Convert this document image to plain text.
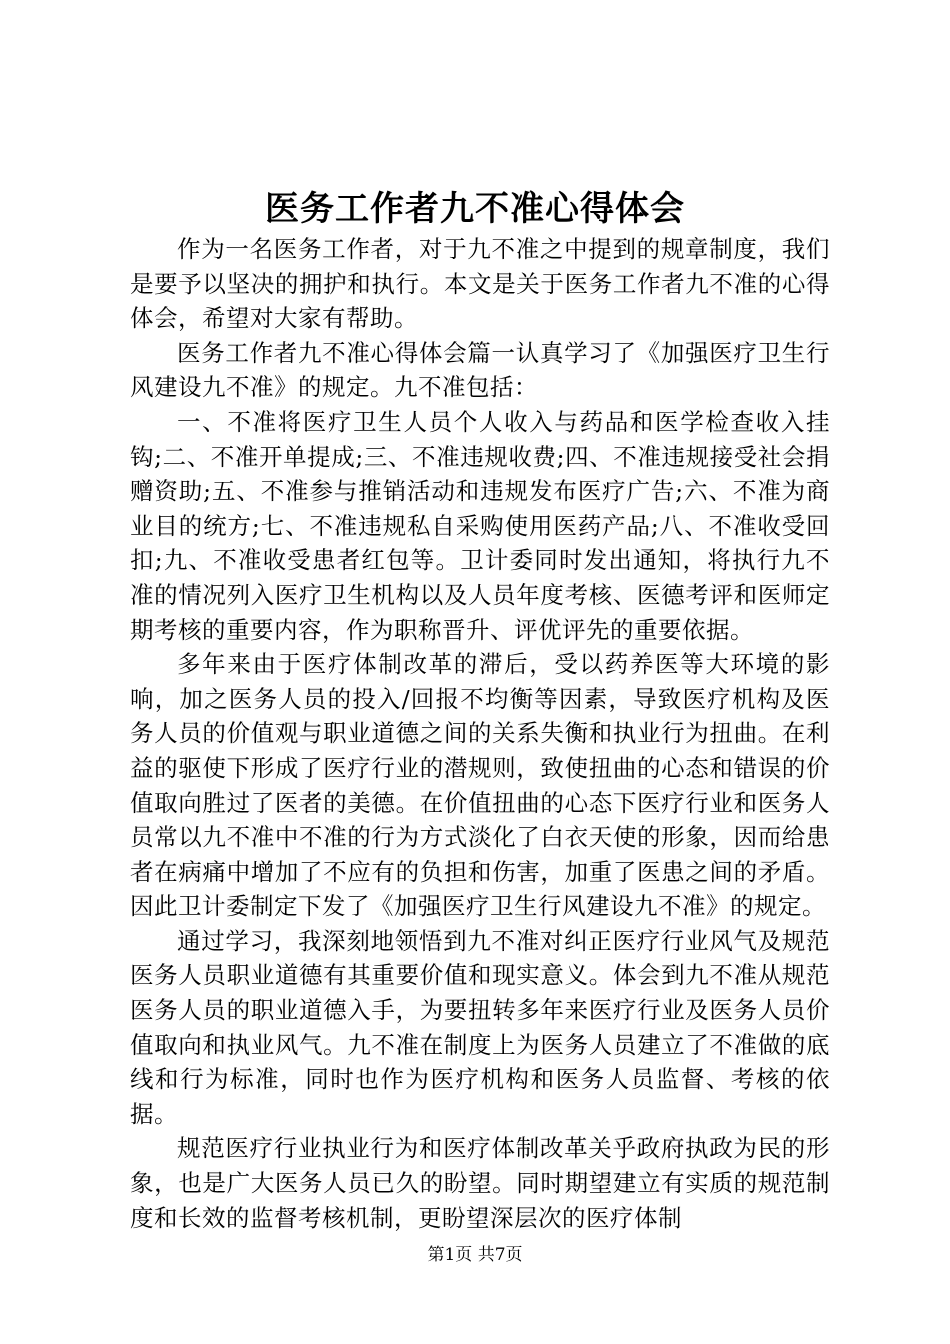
医务工作者九不准心得体会

作为一名医务工作者，对于九不准之中提到的规章制度，我们是要予以坚决的拥护和执行。本文是关于医务工作者九不准的心得体会，希望对大家有帮助。

医务工作者九不准心得体会篇一认真学习了《加强医疗卫生行风建设九不准》的规定。九不准包括：

一、不准将医疗卫生人员个人收入与药品和医学检查收入挂钩;二、不准开单提成;三、不准违规收费;四、不准违规接受社会捐赠资助;五、不准参与推销活动和违规发布医疗广告;六、不准为商业目的统方;七、不准违规私自采购使用医药产品;八、不准收受回扣;九、不准收受患者红包等。卫计委同时发出通知，将执行九不准的情况列入医疗卫生机构以及人员年度考核、医德考评和医师定期考核的重要内容，作为职称晋升、评优评先的重要依据。

多年来由于医疗体制改革的滞后，受以药养医等大环境的影响，加之医务人员的投入/回报不均衡等因素，导致医疗机构及医务人员的价值观与职业道德之间的关系失衡和执业行为扭曲。在利益的驱使下形成了医疗行业的潜规则，致使扭曲的心态和错误的价值取向胜过了医者的美德。在价值扭曲的心态下医疗行业和医务人员常以九不准中不准的行为方式淡化了白衣天使的形象，因而给患者在病痛中增加了不应有的负担和伤害，加重了医患之间的矛盾。因此卫计委制定下发了《加强医疗卫生行风建设九不准》的规定。

通过学习，我深刻地领悟到九不准对纠正医疗行业风气及规范医务人员职业道德有其重要价值和现实意义。体会到九不准从规范医务人员的职业道德入手，为要扭转多年来医疗行业及医务人员价值取向和执业风气。九不准在制度上为医务人员建立了不准做的底线和行为标准，同时也作为医疗机构和医务人员监督、考核的依据。

规范医疗行业执业行为和医疗体制改革关乎政府执政为民的形象，也是广大医务人员已久的盼望。同时期望建立有实质的规范制度和长效的监督考核机制，更盼望深层次的医疗体制

第1页 共7页
